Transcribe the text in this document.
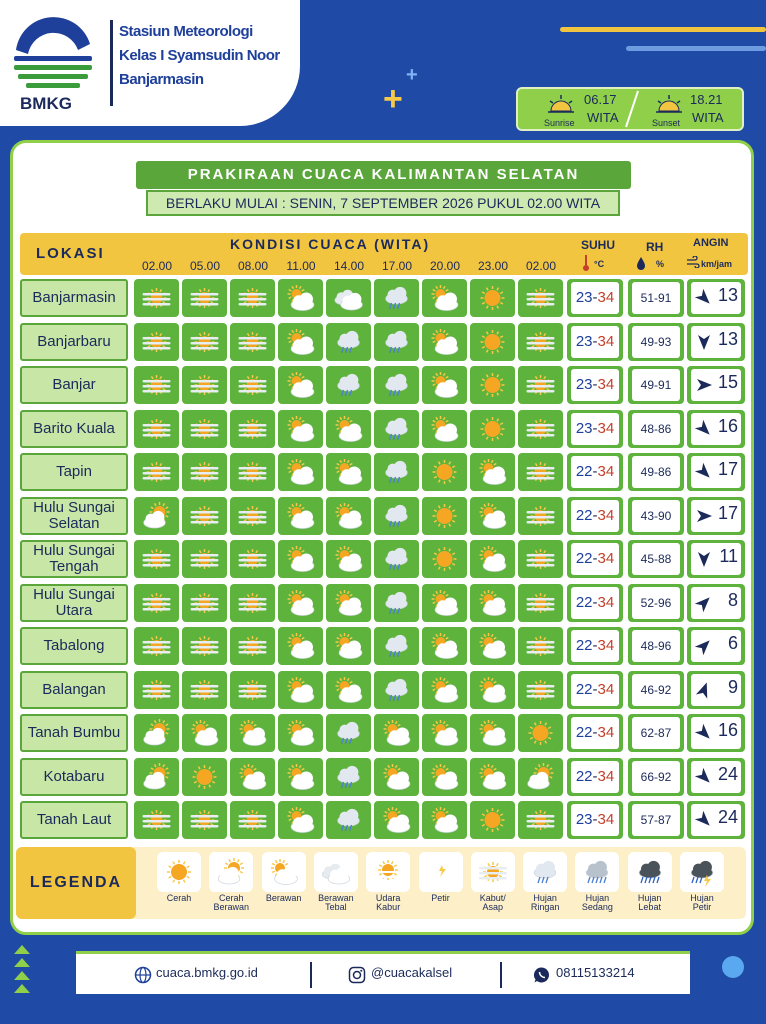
BMKG
Stasiun Meteorologi
Kelas I Syamsudin Noor
Banjarmasin
+
+
Sunrise
06.17
WITA	Sunset
18.21
WITA
PRAKIRAAN CUACA KALIMANTAN SELATAN
BERLAKU MULAI : SENIN, 7 SEPTEMBER 2026 PUKUL 02.00 WITA
LOKASI
KONDISI CUACA (WITA)
02.00	05.00	08.00	11.00	14.00	17.00	20.00	23.00	02.00
SUHU
°C
RH
%
ANGIN
km/jam
Banjarmasin	23-34	51-91	13
Banjarbaru	23-34	49-93	13
Banjar	23-34	49-91	15
Barito Kuala	23-34	48-86	16
Tapin	22-34	49-86	17
Hulu Sungai Selatan	22-34	43-90	17
Hulu Sungai Tengah	22-34	45-88	11
Hulu Sungai Utara	22-34	52-96	8
Tabalong	22-34	48-96	6
Balangan	22-34	46-92	9
Tanah Bumbu	22-34	62-87	16
Kotabaru	22-34	66-92	24
Tanah Laut	23-34	57-87	24
LEGENDA
Cerah	Cerah
Berawan
Berawan	Berawan
Tebal
Udara
Kabur
Petir	Kabut/
Asap
Hujan
Ringan
Hujan
Sedang
Hujan
Lebat
Hujan
Petir
cuaca.bmkg.go.id	@cuacakalsel	08115133214
